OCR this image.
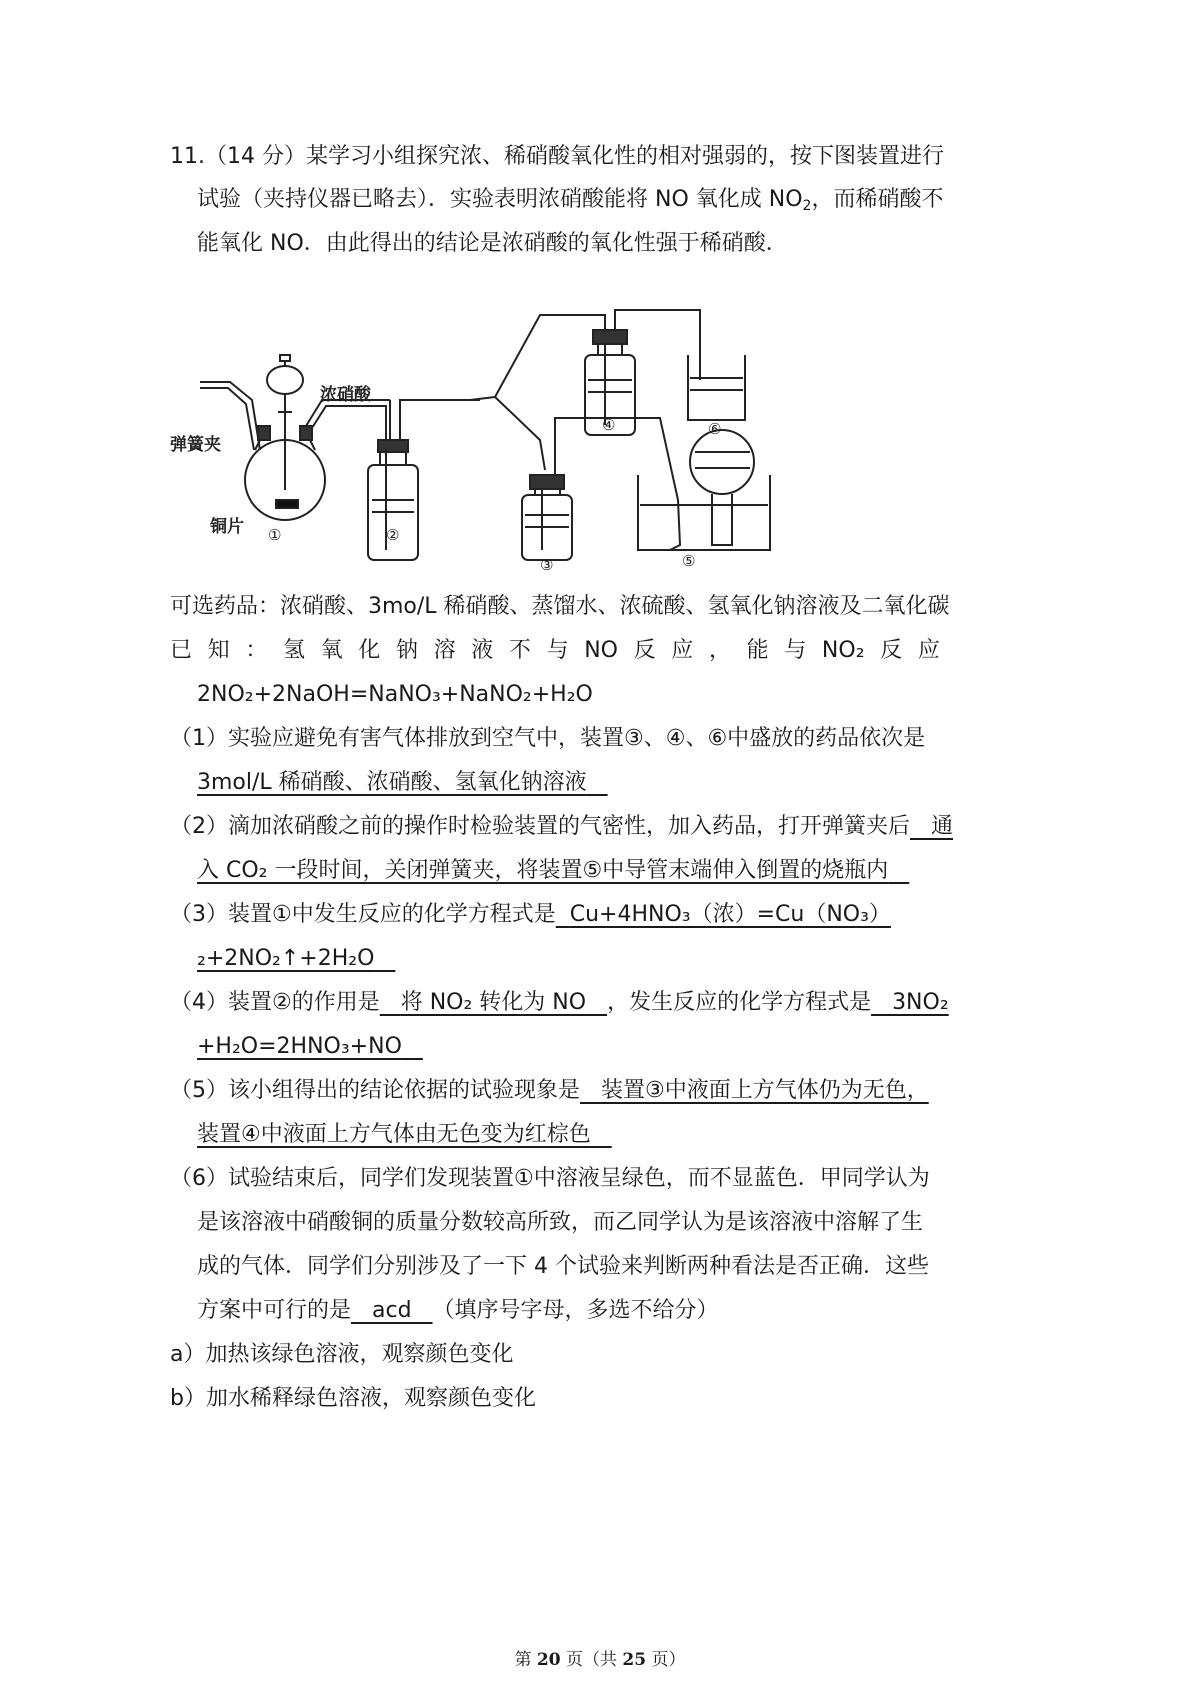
11.（14 分）某学习小组探究浓、稀硝酸氧化性的相对强弱的，按下图装置进行
试验（夹持仪器已略去）．实验表明浓硝酸能将 NO 氧化成 $NO_2$，而稀硝酸不
能氧化 NO．由此得出的结论是浓硝酸的氧化性强于稀硝酸．
浓硝酸
弹簧夹
铜片 ①	②
③
④
⑤
⑥
可选药品：浓硝酸、3mo/L 稀硝酸、蒸馏水、浓硫酸、氢氧化钠溶液及二氧化碳
已 知 ： 氢 氧 化 钠 溶 液 不 与 NO 反 应 ， 能 与 NO₂ 反 应
2NO₂+2NaOH=NaNO₃+NaNO₂+H₂O
（1）实验应避免有害气体排放到空气中，装置③、④、⑥中盛放的药品依次是
3mol/L 稀硝酸、浓硝酸、氢氧化钠溶液
（2）滴加浓硝酸之前的操作时检验装置的气密性，加入药品，打开弹簧夹后 通
入 CO₂ 一段时间，关闭弹簧夹，将装置⑤中导管末端伸入倒置的烧瓶内
（3）装置①中发生反应的化学方程式是 Cu+4HNO₃（浓）=Cu（NO₃）
₂+2NO₂↑+2H₂O
（4）装置②的作用是 将 NO₂ 转化为 NO ，发生反应的化学方程式是 3NO₂
+H₂O=2HNO₃+NO
（5）该小组得出的结论依据的试验现象是 装置③中液面上方气体仍为无色，
装置④中液面上方气体由无色变为红棕色
（6）试验结束后，同学们发现装置①中溶液呈绿色，而不显蓝色．甲同学认为
是该溶液中硝酸铜的质量分数较高所致，而乙同学认为是该溶液中溶解了生
成的气体．同学们分别涉及了一下 4 个试验来判断两种看法是否正确．这些
方案中可行的是 acd （填序号字母，多选不给分）
a）加热该绿色溶液，观察颜色变化
b）加水稀释绿色溶液，观察颜色变化
第 20 页（共 25 页）
